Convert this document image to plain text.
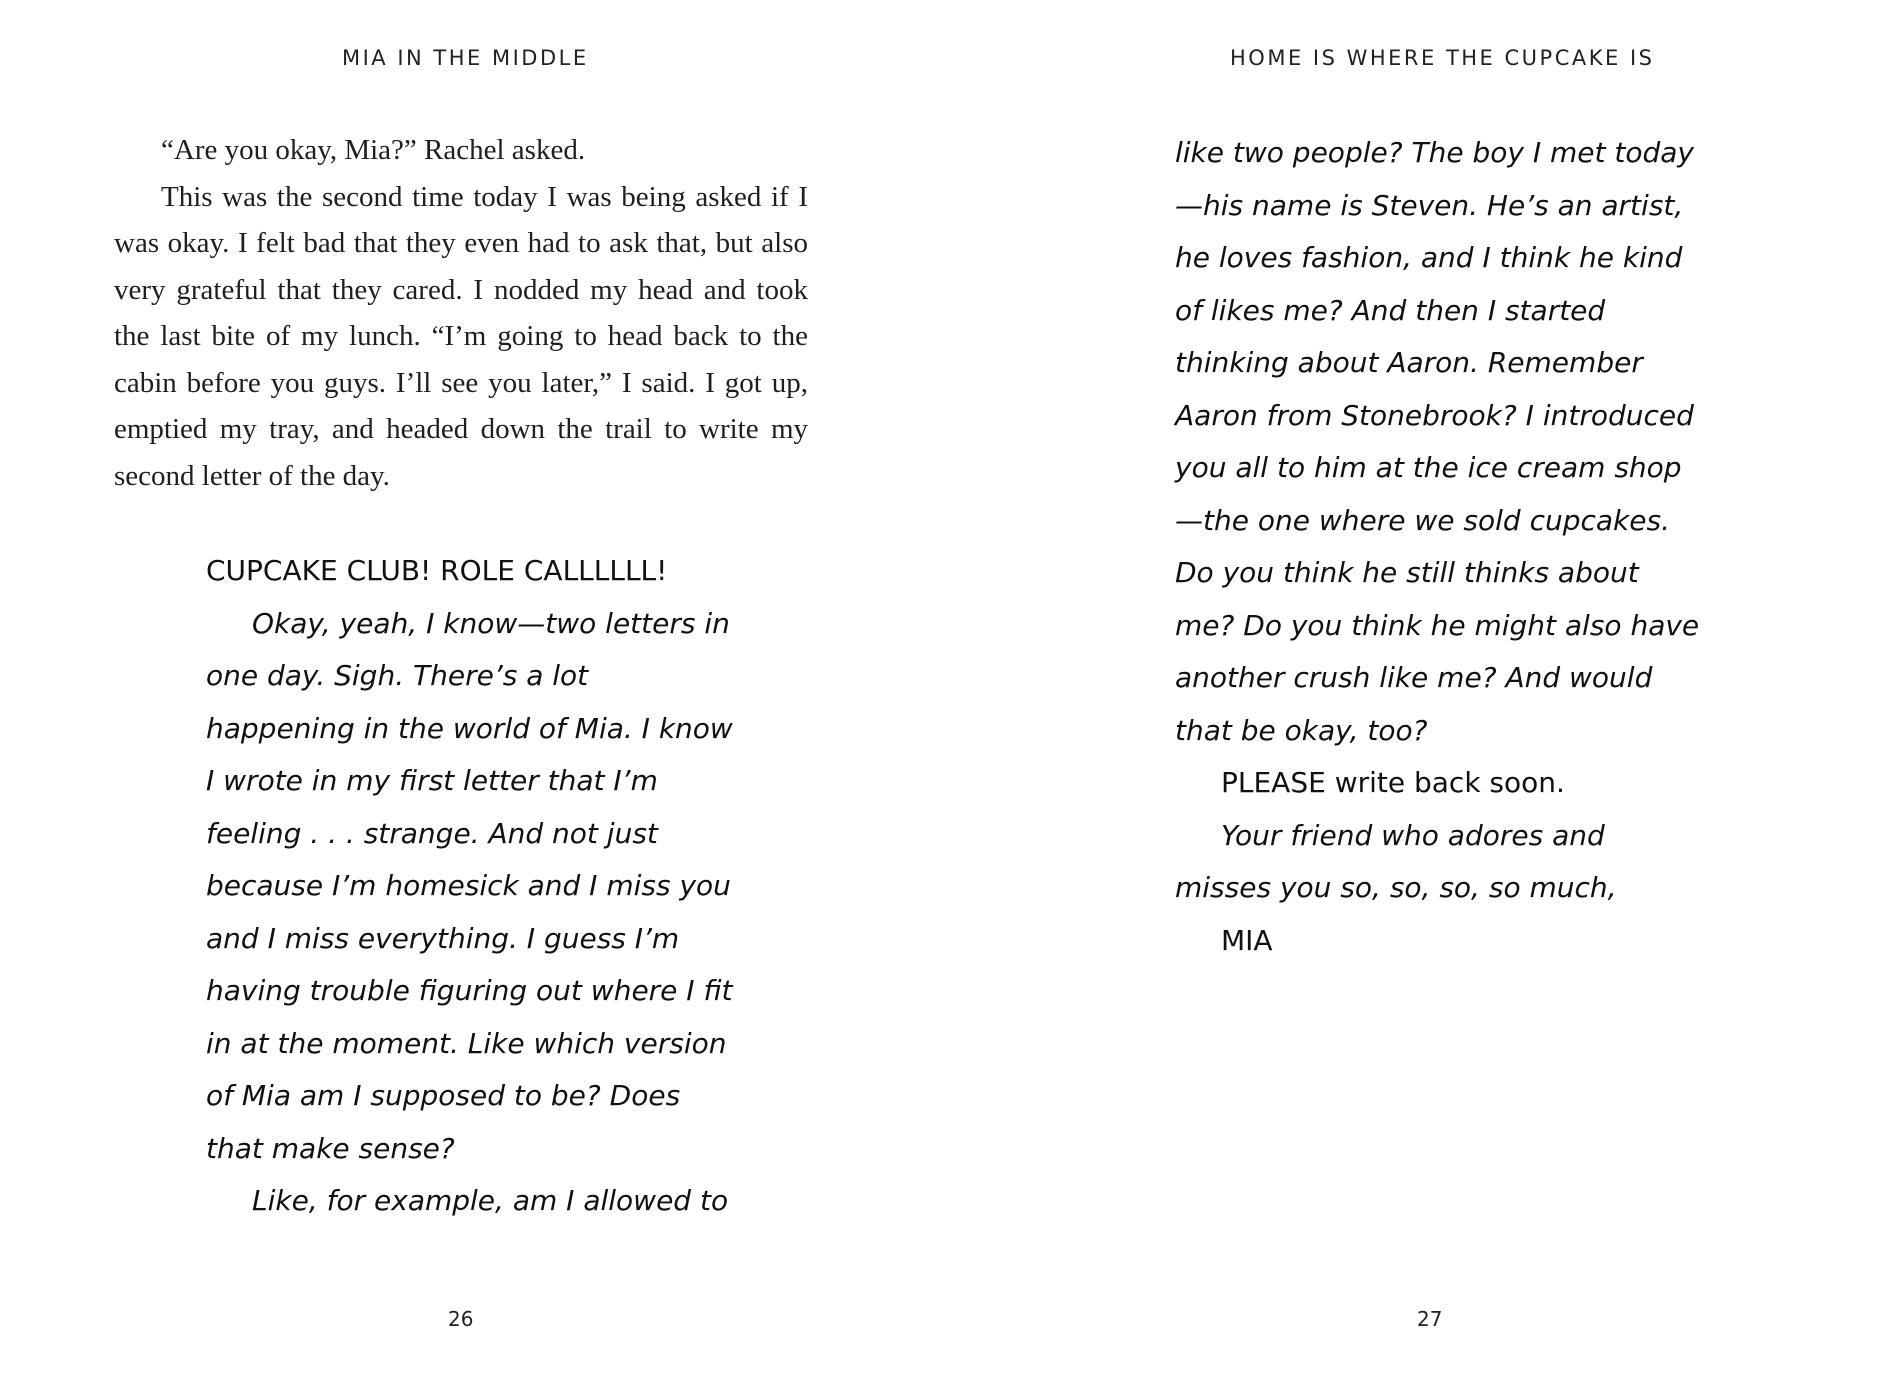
MIA IN THE MIDDLE

“Are you okay, Mia?” Rachel asked.

This was the second time today I was being asked if I was okay. I felt bad that they even had to ask that, but also very grateful that they cared. I nodded my head and took the last bite of my lunch. “I’m going to head back to the cabin before you guys. I’ll see you later,” I said. I got up, emptied my tray, and headed down the trail to write my second letter of the day.

CUPCAKE CLUB! ROLE CALLLLLL!

Okay, yeah, I know—two letters in one day. Sigh. There’s a lot happening in the world of Mia. I know I wrote in my first letter that I’m feeling . . . strange. And not just because I’m homesick and I miss you and I miss everything. I guess I’m having trouble figuring out where I fit in at the moment. Like which version of Mia am I supposed to be? Does that make sense?

Like, for example, am I allowed to

26
HOME IS WHERE THE CUPCAKE IS

like two people? The boy I met today—his name is Steven. He’s an artist, he loves fashion, and I think he kind of likes me? And then I started thinking about Aaron. Remember Aaron from Stonebrook? I introduced you all to him at the ice cream shop—the one where we sold cupcakes. Do you think he still thinks about me? Do you think he might also have another crush like me? And would that be okay, too?

PLEASE write back soon.

Your friend who adores and misses you so, so, so, so much,

MIA

27
